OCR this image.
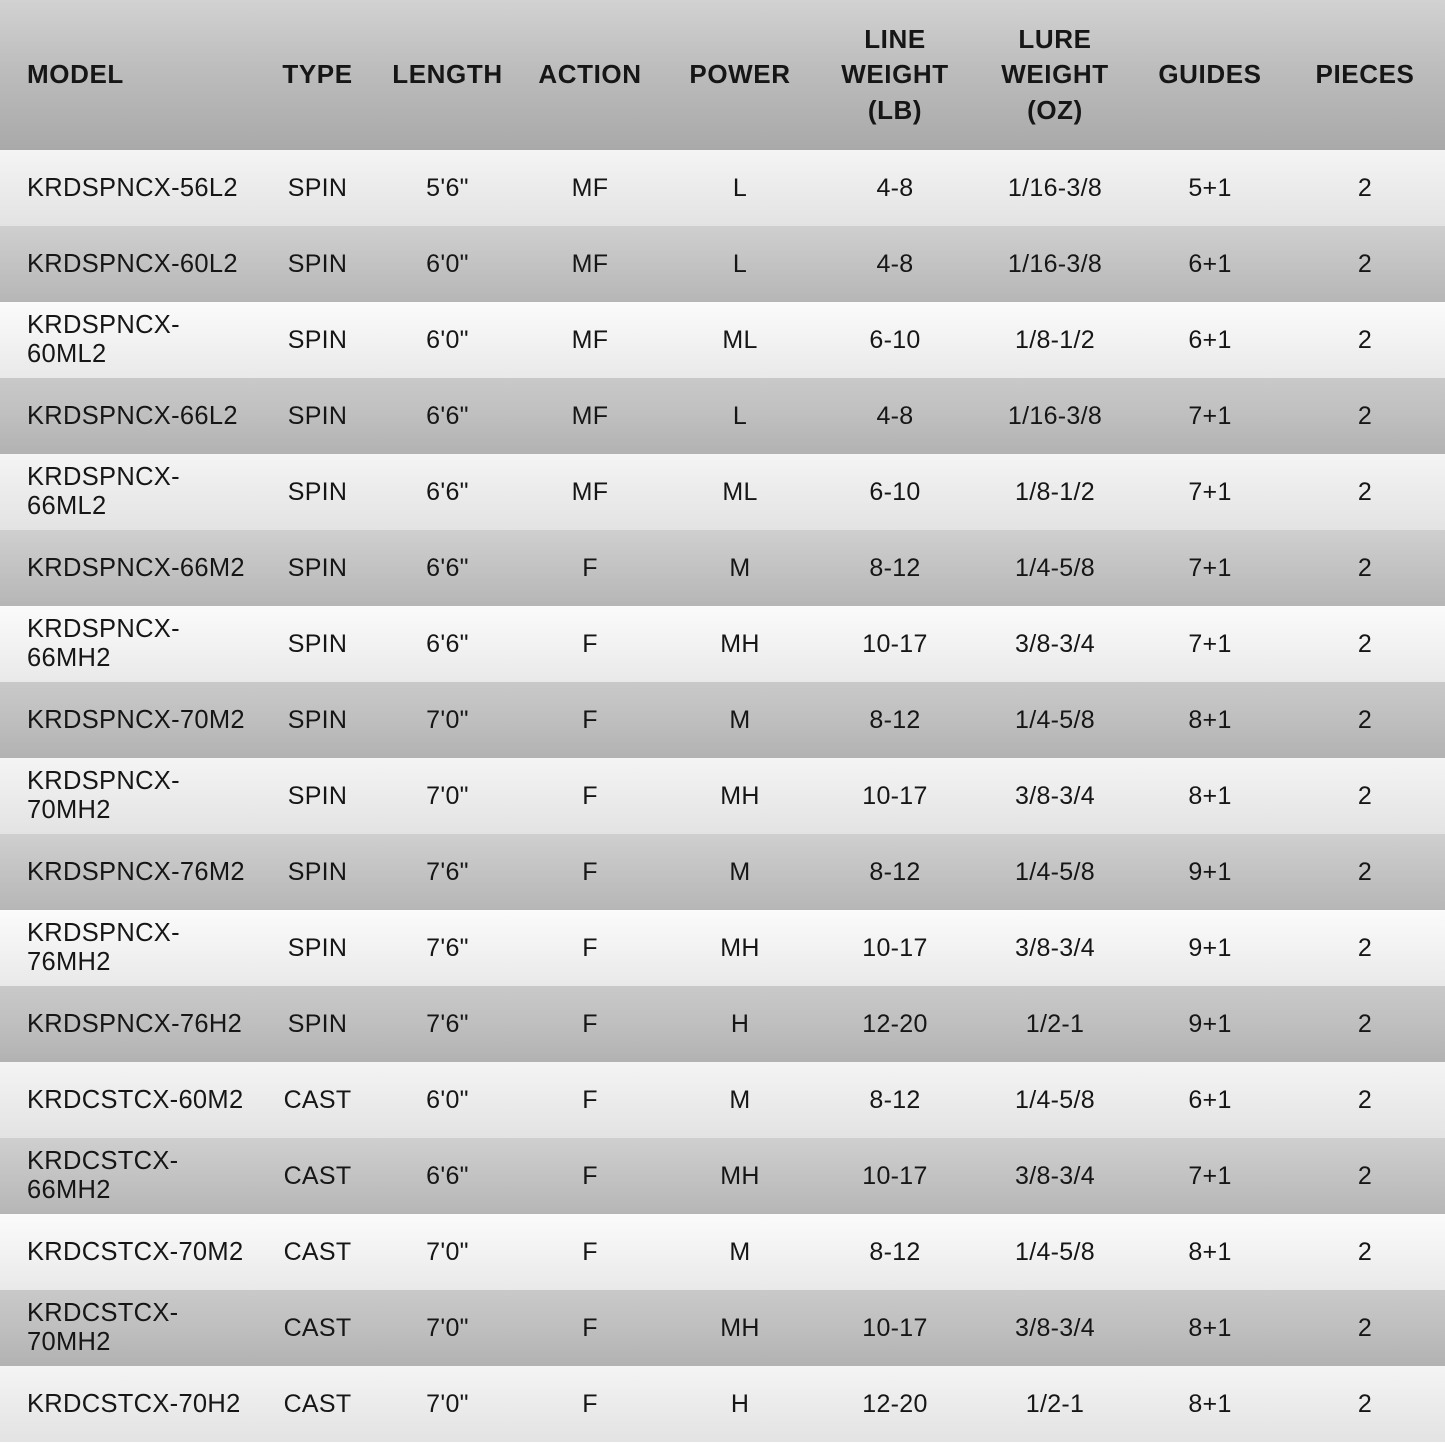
MODEL	TYPE	LENGTH	ACTION	POWER	LINE WEIGHT (LB)	LURE WEIGHT (OZ)	GUIDES	PIECES
KRDSPNCX-56L2	SPIN	5'6"	MF	L	4-8	1/16-3/8	5+1	2
KRDSPNCX-60L2	SPIN	6'0"	MF	L	4-8	1/16-3/8	6+1	2
KRDSPNCX-60ML2	SPIN	6'0"	MF	ML	6-10	1/8-1/2	6+1	2
KRDSPNCX-66L2	SPIN	6'6"	MF	L	4-8	1/16-3/8	7+1	2
KRDSPNCX-66ML2	SPIN	6'6"	MF	ML	6-10	1/8-1/2	7+1	2
KRDSPNCX-66M2	SPIN	6'6"	F	M	8-12	1/4-5/8	7+1	2
KRDSPNCX-66MH2	SPIN	6'6"	F	MH	10-17	3/8-3/4	7+1	2
KRDSPNCX-70M2	SPIN	7'0"	F	M	8-12	1/4-5/8	8+1	2
KRDSPNCX-70MH2	SPIN	7'0"	F	MH	10-17	3/8-3/4	8+1	2
KRDSPNCX-76M2	SPIN	7'6"	F	M	8-12	1/4-5/8	9+1	2
KRDSPNCX-76MH2	SPIN	7'6"	F	MH	10-17	3/8-3/4	9+1	2
KRDSPNCX-76H2	SPIN	7'6"	F	H	12-20	1/2-1	9+1	2
KRDCSTCX-60M2	CAST	6'0"	F	M	8-12	1/4-5/8	6+1	2
KRDCSTCX-66MH2	CAST	6'6"	F	MH	10-17	3/8-3/4	7+1	2
KRDCSTCX-70M2	CAST	7'0"	F	M	8-12	1/4-5/8	8+1	2
KRDCSTCX-70MH2	CAST	7'0"	F	MH	10-17	3/8-3/4	8+1	2
KRDCSTCX-70H2	CAST	7'0"	F	H	12-20	1/2-1	8+1	2
